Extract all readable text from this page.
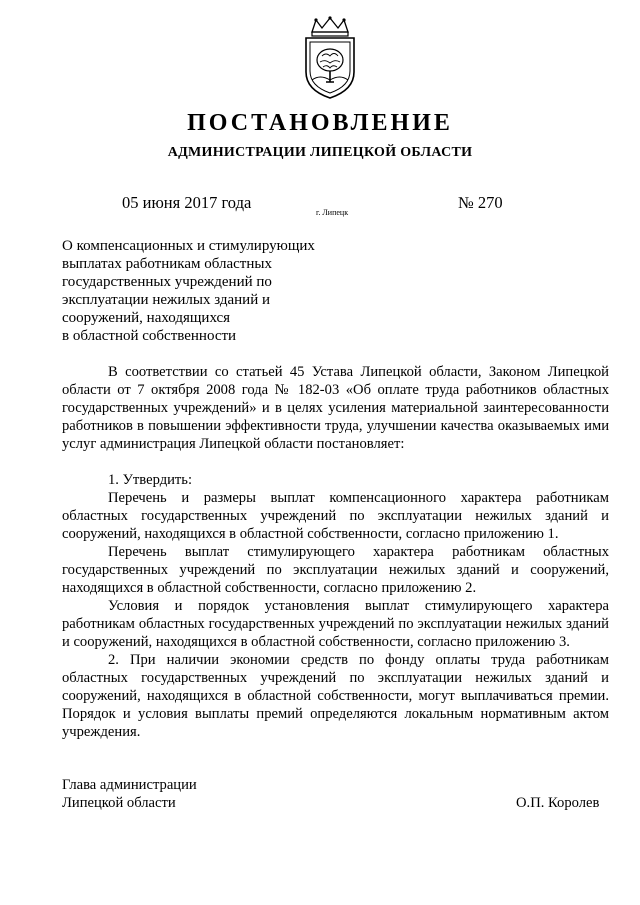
ПОСТАНОВЛЕНИЕ
АДМИНИСТРАЦИИ ЛИПЕЦКОЙ ОБЛАСТИ
05 июня 2017 года
г. Липецк
№ 270
О компенсационных и стимулирующих
выплатах работникам областных
государственных учреждений по
эксплуатации нежилых зданий и
сооружений, находящихся
в областной собственности

В соответствии со статьей 45 Устава Липецкой области, Законом Липецкой области от 7 октября 2008 года № 182-03 «Об оплате труда работников областных государственных учреждений» и в целях усиления материальной заинтересованности работников в повышении эффективности труда, улучшении качества оказываемых ими услуг администрация Липецкой области постановляет:

1. Утвердить:

Перечень и размеры выплат компенсационного характера работникам областных государственных учреждений по эксплуатации нежилых зданий и сооружений, находящихся в областной собственности, согласно приложению 1.

Перечень выплат стимулирующего характера работникам областных государственных учреждений по эксплуатации нежилых зданий и сооружений, находящихся в областной собственности, согласно приложению 2.

Условия и порядок установления выплат стимулирующего характера работникам областных государственных учреждений по эксплуатации нежилых зданий и сооружений, находящихся в областной собственности, согласно приложению 3.

2. При наличии экономии средств по фонду оплаты труда работникам областных государственных учреждений по эксплуатации нежилых зданий и сооружений, находящихся в областной собственности, могут выплачиваться премии. Порядок и условия выплаты премий определяются локальным нормативным актом учреждения.

Глава администрации
Липецкой области	О.П. Королев
